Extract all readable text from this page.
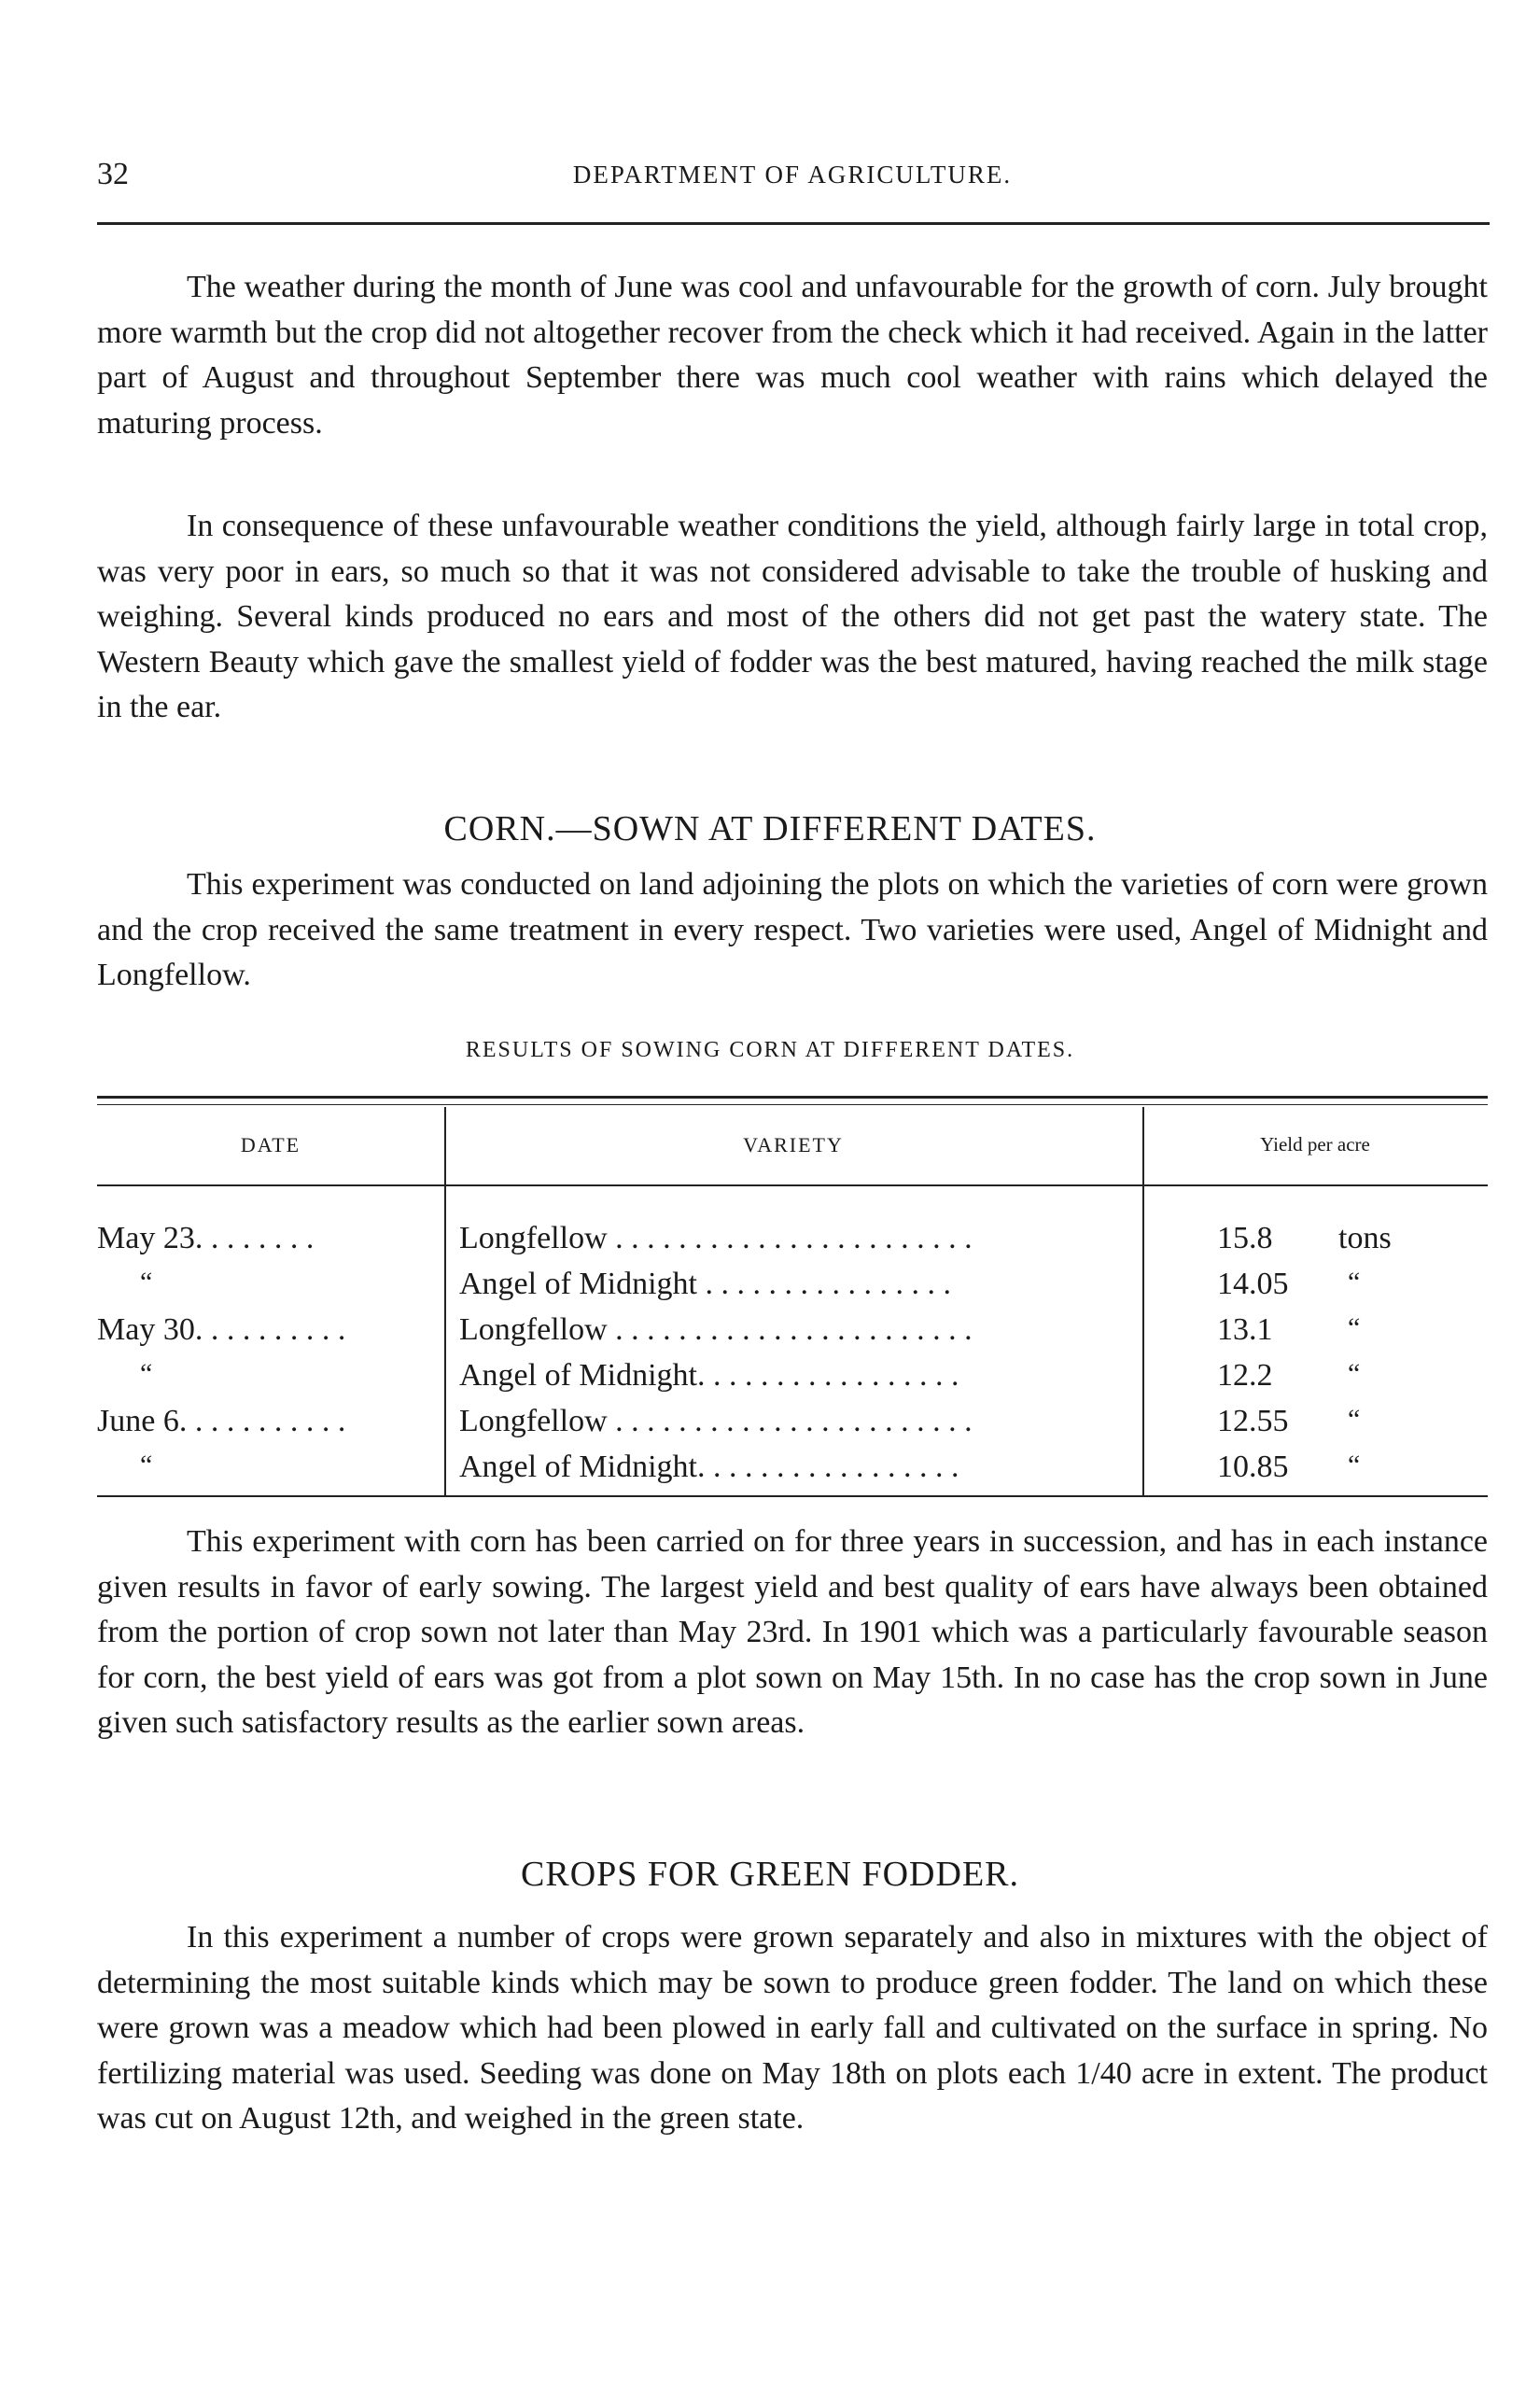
32	DEPARTMENT OF AGRICULTURE.

The weather during the month of June was cool and unfavourable for the growth of corn. July brought more warmth but the crop did not altogether recover from the check which it had received. Again in the latter part of August and throughout September there was much cool weather with rains which delayed the maturing process.

In consequence of these unfavourable weather conditions the yield, although fairly large in total crop, was very poor in ears, so much so that it was not considered advisable to take the trouble of husking and weighing. Several kinds produced no ears and most of the others did not get past the watery state. The Western Beauty which gave the smallest yield of fodder was the best matured, having reached the milk stage in the ear.

CORN.—SOWN AT DIFFERENT DATES.

This experiment was conducted on land adjoining the plots on which the varieties of corn were grown and the crop received the same treatment in every respect. Two varieties were used, Angel of Midnight and Longfellow.

RESULTS OF SOWING CORN AT DIFFERENT DATES.
DATE	VARIETY	Yield per acre
May 23. . . . . . . .	Longfellow . . . . . . . . . . . . . . . . . . . . . . .	15.8	tons
“	Angel of Midnight . . . . . . . . . . . . . . . .	14.05	“
May 30. . . . . . . . . .	Longfellow . . . . . . . . . . . . . . . . . . . . . . .	13.1	“
“	Angel of Midnight. . . . . . . . . . . . . . . . .	12.2	“
June 6. . . . . . . . . . .	Longfellow . . . . . . . . . . . . . . . . . . . . . . .	12.55	“
“	Angel of Midnight. . . . . . . . . . . . . . . . .	10.85	“

This experiment with corn has been carried on for three years in succession, and has in each instance given results in favor of early sowing. The largest yield and best quality of ears have always been obtained from the portion of crop sown not later than May 23rd. In 1901 which was a particularly favourable season for corn, the best yield of ears was got from a plot sown on May 15th. In no case has the crop sown in June given such satisfactory results as the earlier sown areas.

CROPS FOR GREEN FODDER.

In this experiment a number of crops were grown separately and also in mixtures with the object of determining the most suitable kinds which may be sown to produce green fodder. The land on which these were grown was a meadow which had been plowed in early fall and cultivated on the surface in spring. No fertilizing material was used. Seeding was done on May 18th on plots each 1/40 acre in extent. The product was cut on August 12th, and weighed in the green state.
